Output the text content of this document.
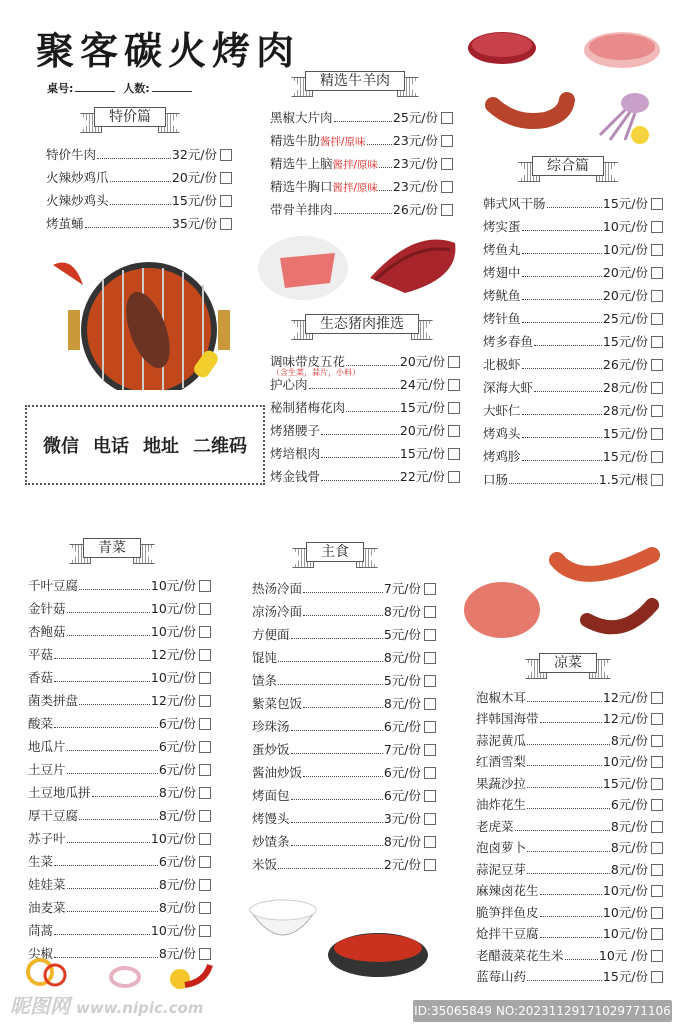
聚客碳火烤肉
桌号:	人数:
特价篇
特价牛肉	32元/份
火辣炒鸡爪	20元/份
火辣炒鸡头	15元/份
烤茧蛹	35元/份
精选牛羊肉
黑椒大片肉	25元/份
精选牛肋 酱拌/原味 23元/份
精选牛上脑 酱拌/原味 23元/份
精选牛胸口 酱拌/原味 23元/份
带骨羊排肉	26元/份
综合篇
韩式风干肠	15元/份
烤实蛋	10元/份
烤鱼丸	10元/份
烤翅中	20元/份
烤鱿鱼	20元/份
烤针鱼	25元/份
烤多春鱼	15元/份
北极虾	26元/份
深海大虾	28元/份
大虾仁	28元/份
烤鸡头	15元/份
烤鸡胗	15元/份
口肠	1.5元/根
生态猪肉推选
调味带皮五花	20元/份
（含生菜，蒜片，小料）
护心肉	24元/份
秘制猪梅花肉	15元/份
烤猪腰子	20元/份
烤培根肉	15元/份
烤金钱骨	22元/份
青菜
千叶豆腐	10元/份
金针菇	10元/份
杏鲍菇	10元/份
平菇	12元/份
香菇	10元/份
菌类拼盘	12元/份
酸菜	6元/份
地瓜片	6元/份
土豆片	6元/份
土豆地瓜拼	8元/份
厚干豆腐	8元/份
苏子叶	10元/份
生菜	6元/份
娃娃菜	8元/份
油麦菜	8元/份
茼蒿	10元/份
尖椒	8元/份
主食
热汤冷面	7元/份
凉汤冷面	8元/份
方便面	5元/份
馄饨	8元/份
馇条	5元/份
紫菜包饭	8元/份
珍珠汤	6元/份
蛋炒饭	7元/份
酱油炒饭	6元/份
烤面包	6元/份
烤馒头	3元/份
炒馇条	8元/份
米饭	2元/份
凉菜
泡椒木耳	12元/份
拌韩国海带	12元/份
蒜泥黄瓜	8元/份
红酒雪梨	10元/份
果蔬沙拉	15元/份
油炸花生	6元/份
老虎菜	8元/份
泡卤萝卜	8元/份
蒜泥豆芽	8元/份
麻辣卤花生	10元/份
脆笋拌鱼皮	10元/份
炝拌干豆腐	10元/份
老醋菠菜花生米	10元 /份
蓝莓山药	15元/份
微信 电话 地址 二维码
昵图网 www.nipic.com	ID:35065849 NO:20231129171029771106
